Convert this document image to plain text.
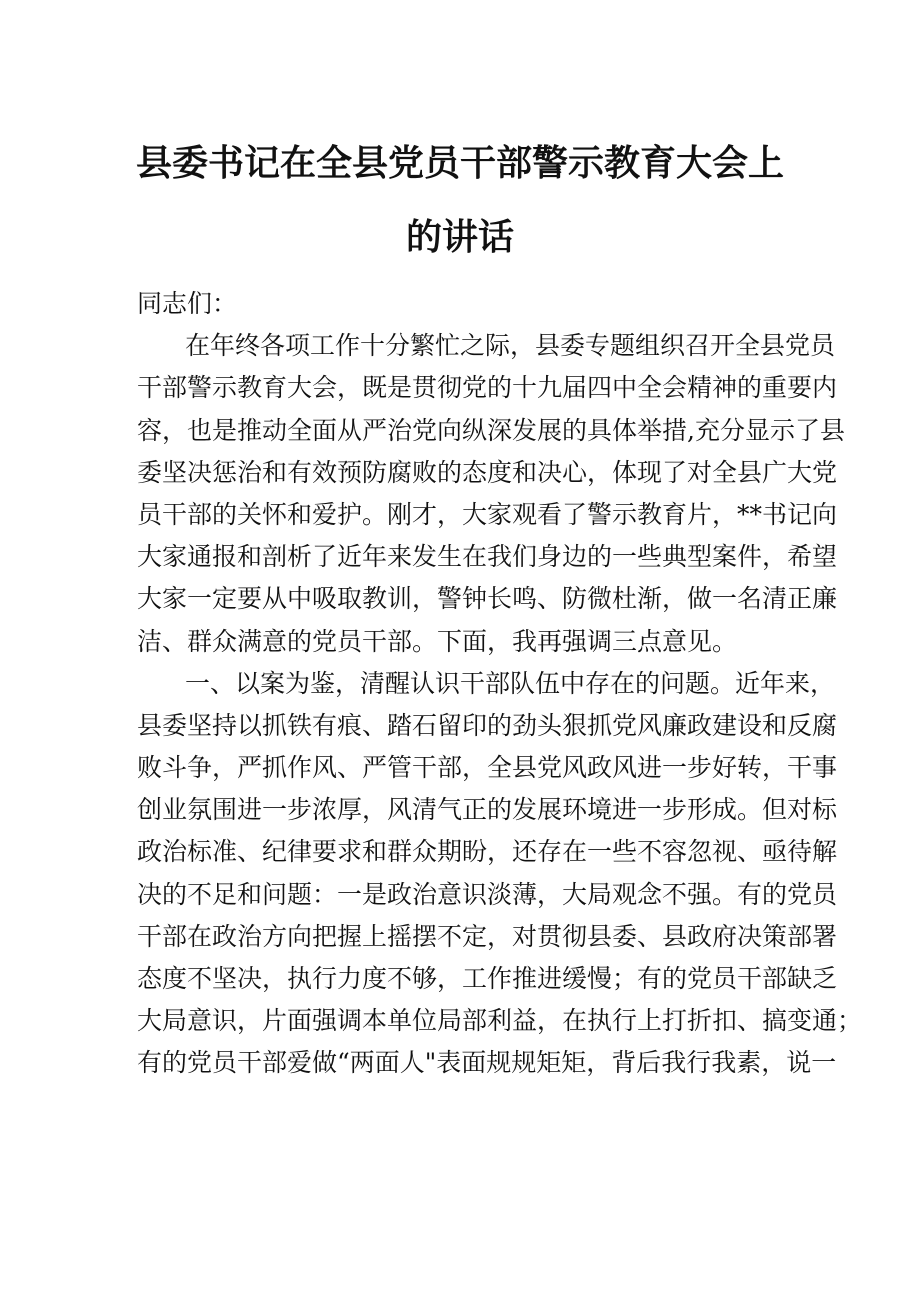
县委书记在全县党员干部警示教育大会上
的讲话
同志们：
在年终各项工作十分繁忙之际，县委专题组织召开全县党员
干部警示教育大会，既是贯彻党的十九届四中全会精神的重要内
容，也是推动全面从严治党向纵深发展的具体举措,充分显示了县
委坚决惩治和有效预防腐败的态度和决心，体现了对全县广大党
员干部的关怀和爱护。刚才，大家观看了警示教育片，**书记向
大家通报和剖析了近年来发生在我们身边的一些典型案件，希望
大家一定要从中吸取教训，警钟长鸣、防微杜渐，做一名清正廉
洁、群众满意的党员干部。下面，我再强调三点意见。
一、以案为鉴，清醒认识干部队伍中存在的问题。近年来，
县委坚持以抓铁有痕、踏石留印的劲头狠抓党风廉政建设和反腐
败斗争，严抓作风、严管干部，全县党风政风进一步好转，干事
创业氛围进一步浓厚，风清气正的发展环境进一步形成。但对标
政治标准、纪律要求和群众期盼，还存在一些不容忽视、亟待解
决的不足和问题：一是政治意识淡薄，大局观念不强。有的党员
干部在政治方向把握上摇摆不定，对贯彻县委、县政府决策部署
态度不坚决，执行力度不够，工作推进缓慢；有的党员干部缺乏
大局意识，片面强调本单位局部利益，在执行上打折扣、搞变通；
有的党员干部爱做“两面人"表面规规矩矩，背后我行我素，说一
